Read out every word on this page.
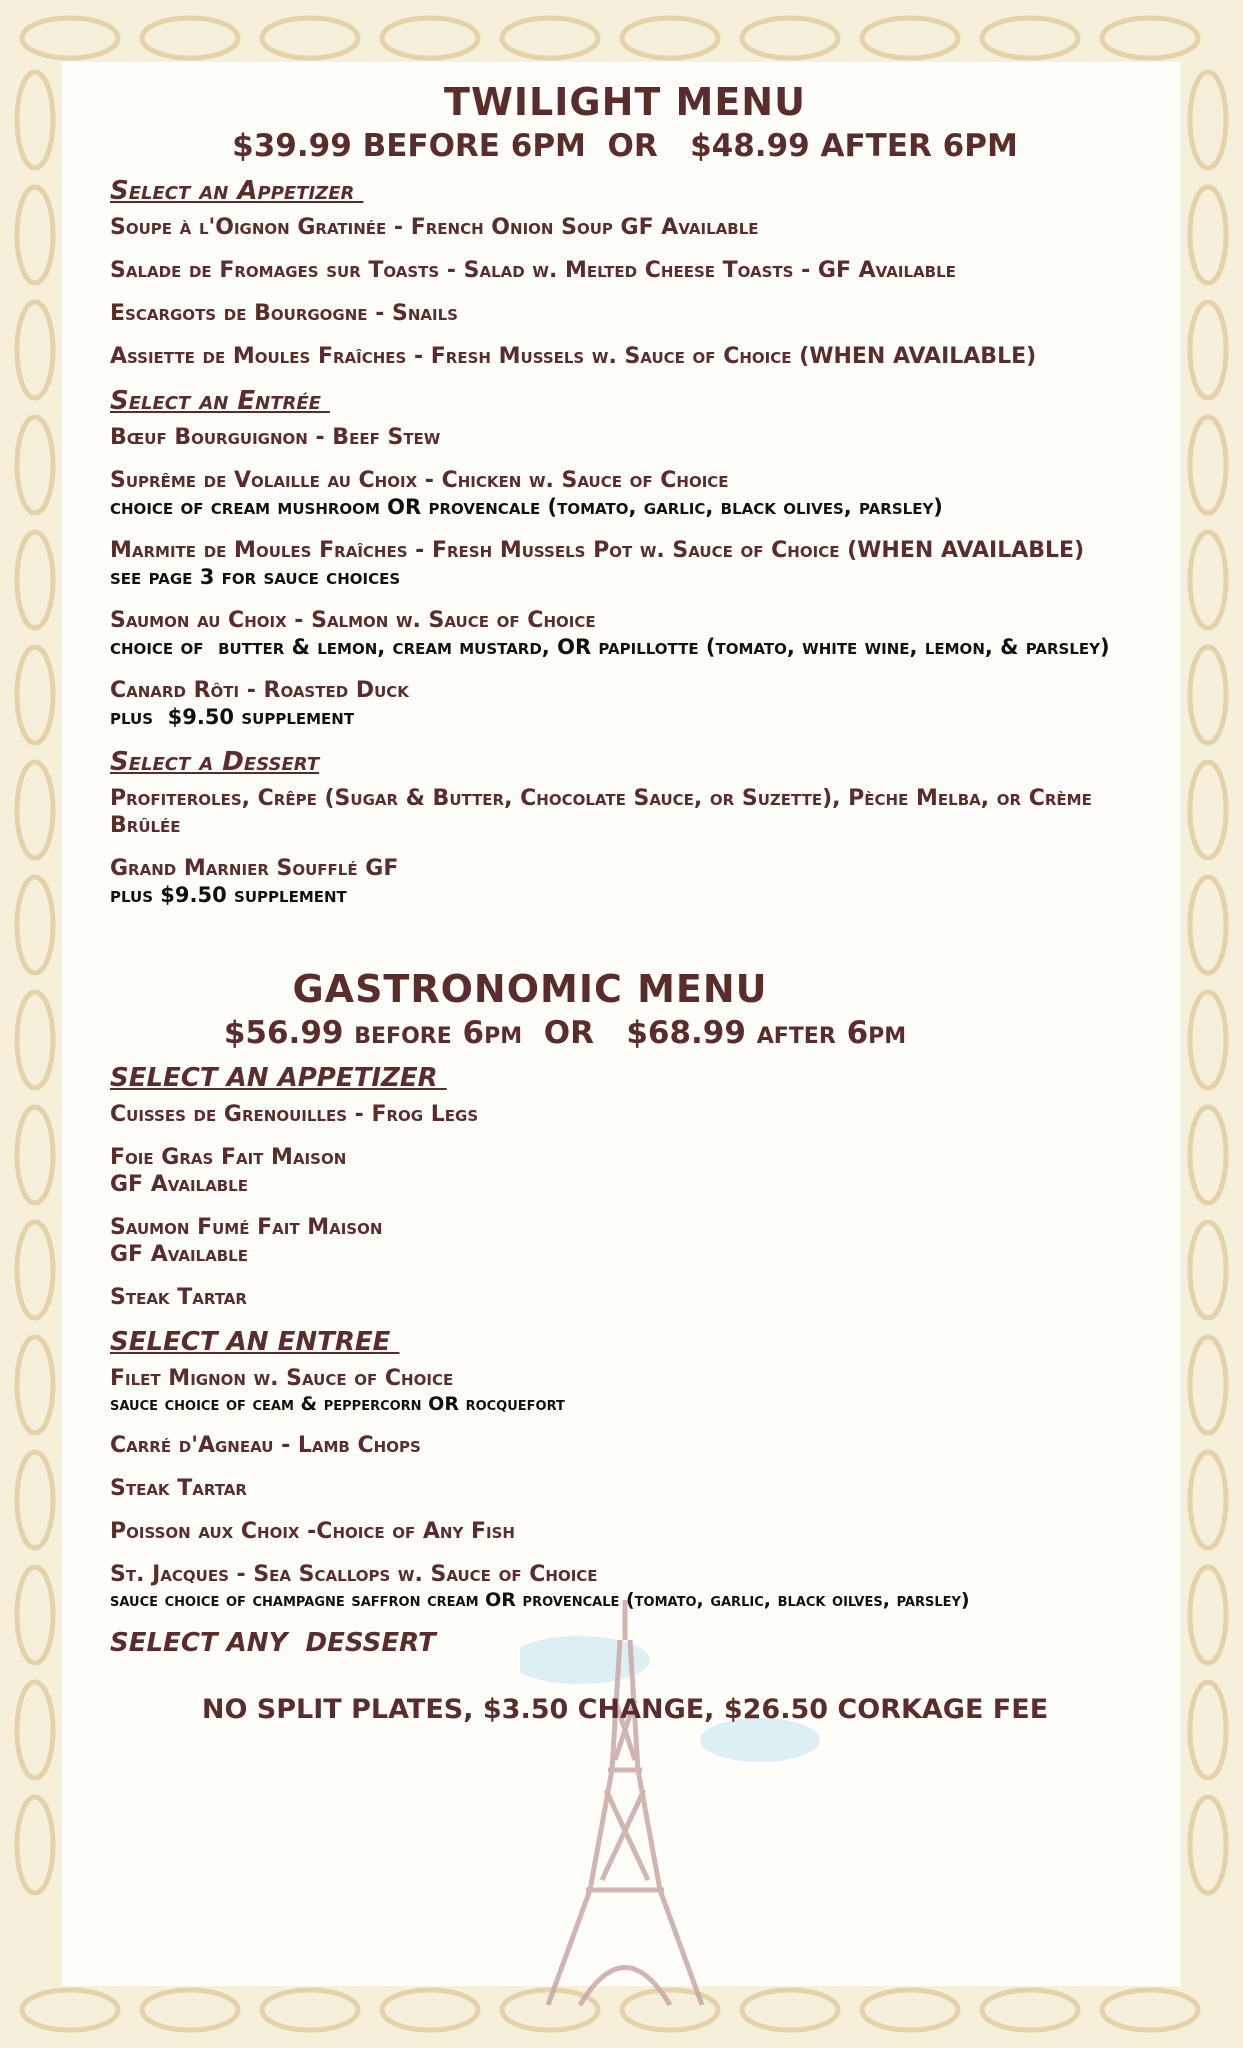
TWILIGHT MENU
$39.99 BEFORE 6PM  OR   $48.99 AFTER 6PM
Select an Appetizer
Soupe à l'Oignon Gratinée - French Onion Soup GF Available
Salade de Fromages sur Toasts - Salad w. Melted Cheese Toasts - GF Available
Escargots de Bourgogne - Snails
Assiette de Moules Fraîches - Fresh Mussels w. Sauce of Choice (WHEN AVAILABLE)
Select an Entrée
Bœuf Bourguignon - Beef Stew
Suprême de Volaille au Choix - Chicken w. Sauce of Choice
choice of cream mushroom OR provencale (tomato, garlic, black olives, parsley)
Marmite de Moules Fraîches - Fresh Mussels Pot w. Sauce of Choice (WHEN AVAILABLE)
see page 3 for sauce choices
Saumon au Choix - Salmon w. Sauce of Choice
choice of  butter & lemon, cream mustard, OR papillotte (tomato, white wine, lemon, & parsley)
Canard Rôti - Roasted Duck
plus  $9.50 supplement
Select a Dessert
Profiteroles, Crêpe (Sugar & Butter, Chocolate Sauce, or Suzette), Pèche Melba, or Crème Brûlée
Grand Marnier Soufflé GF
plus $9.50 supplement
GASTRONOMIC MENU
$56.99 before 6pm  OR   $68.99 after 6pm
SELECT AN APPETIZER
Cuisses de Grenouilles - Frog Legs
Foie Gras Fait Maison
GF Available
Saumon Fumé Fait Maison
GF Available
Steak Tartar
SELECT AN ENTREE
Filet Mignon w. Sauce of Choice
sauce choice of ceam & peppercorn OR rocquefort
Carré d'Agneau - Lamb Chops
Steak Tartar
Poisson aux Choix -Choice of Any Fish
St. Jacques - Sea Scallops w. Sauce of Choice
sauce choice of champagne saffron cream OR provencale (tomato, garlic, black oilves, parsley)
SELECT ANY  DESSERT
NO SPLIT PLATES, $3.50 CHANGE, $26.50 CORKAGE FEE
